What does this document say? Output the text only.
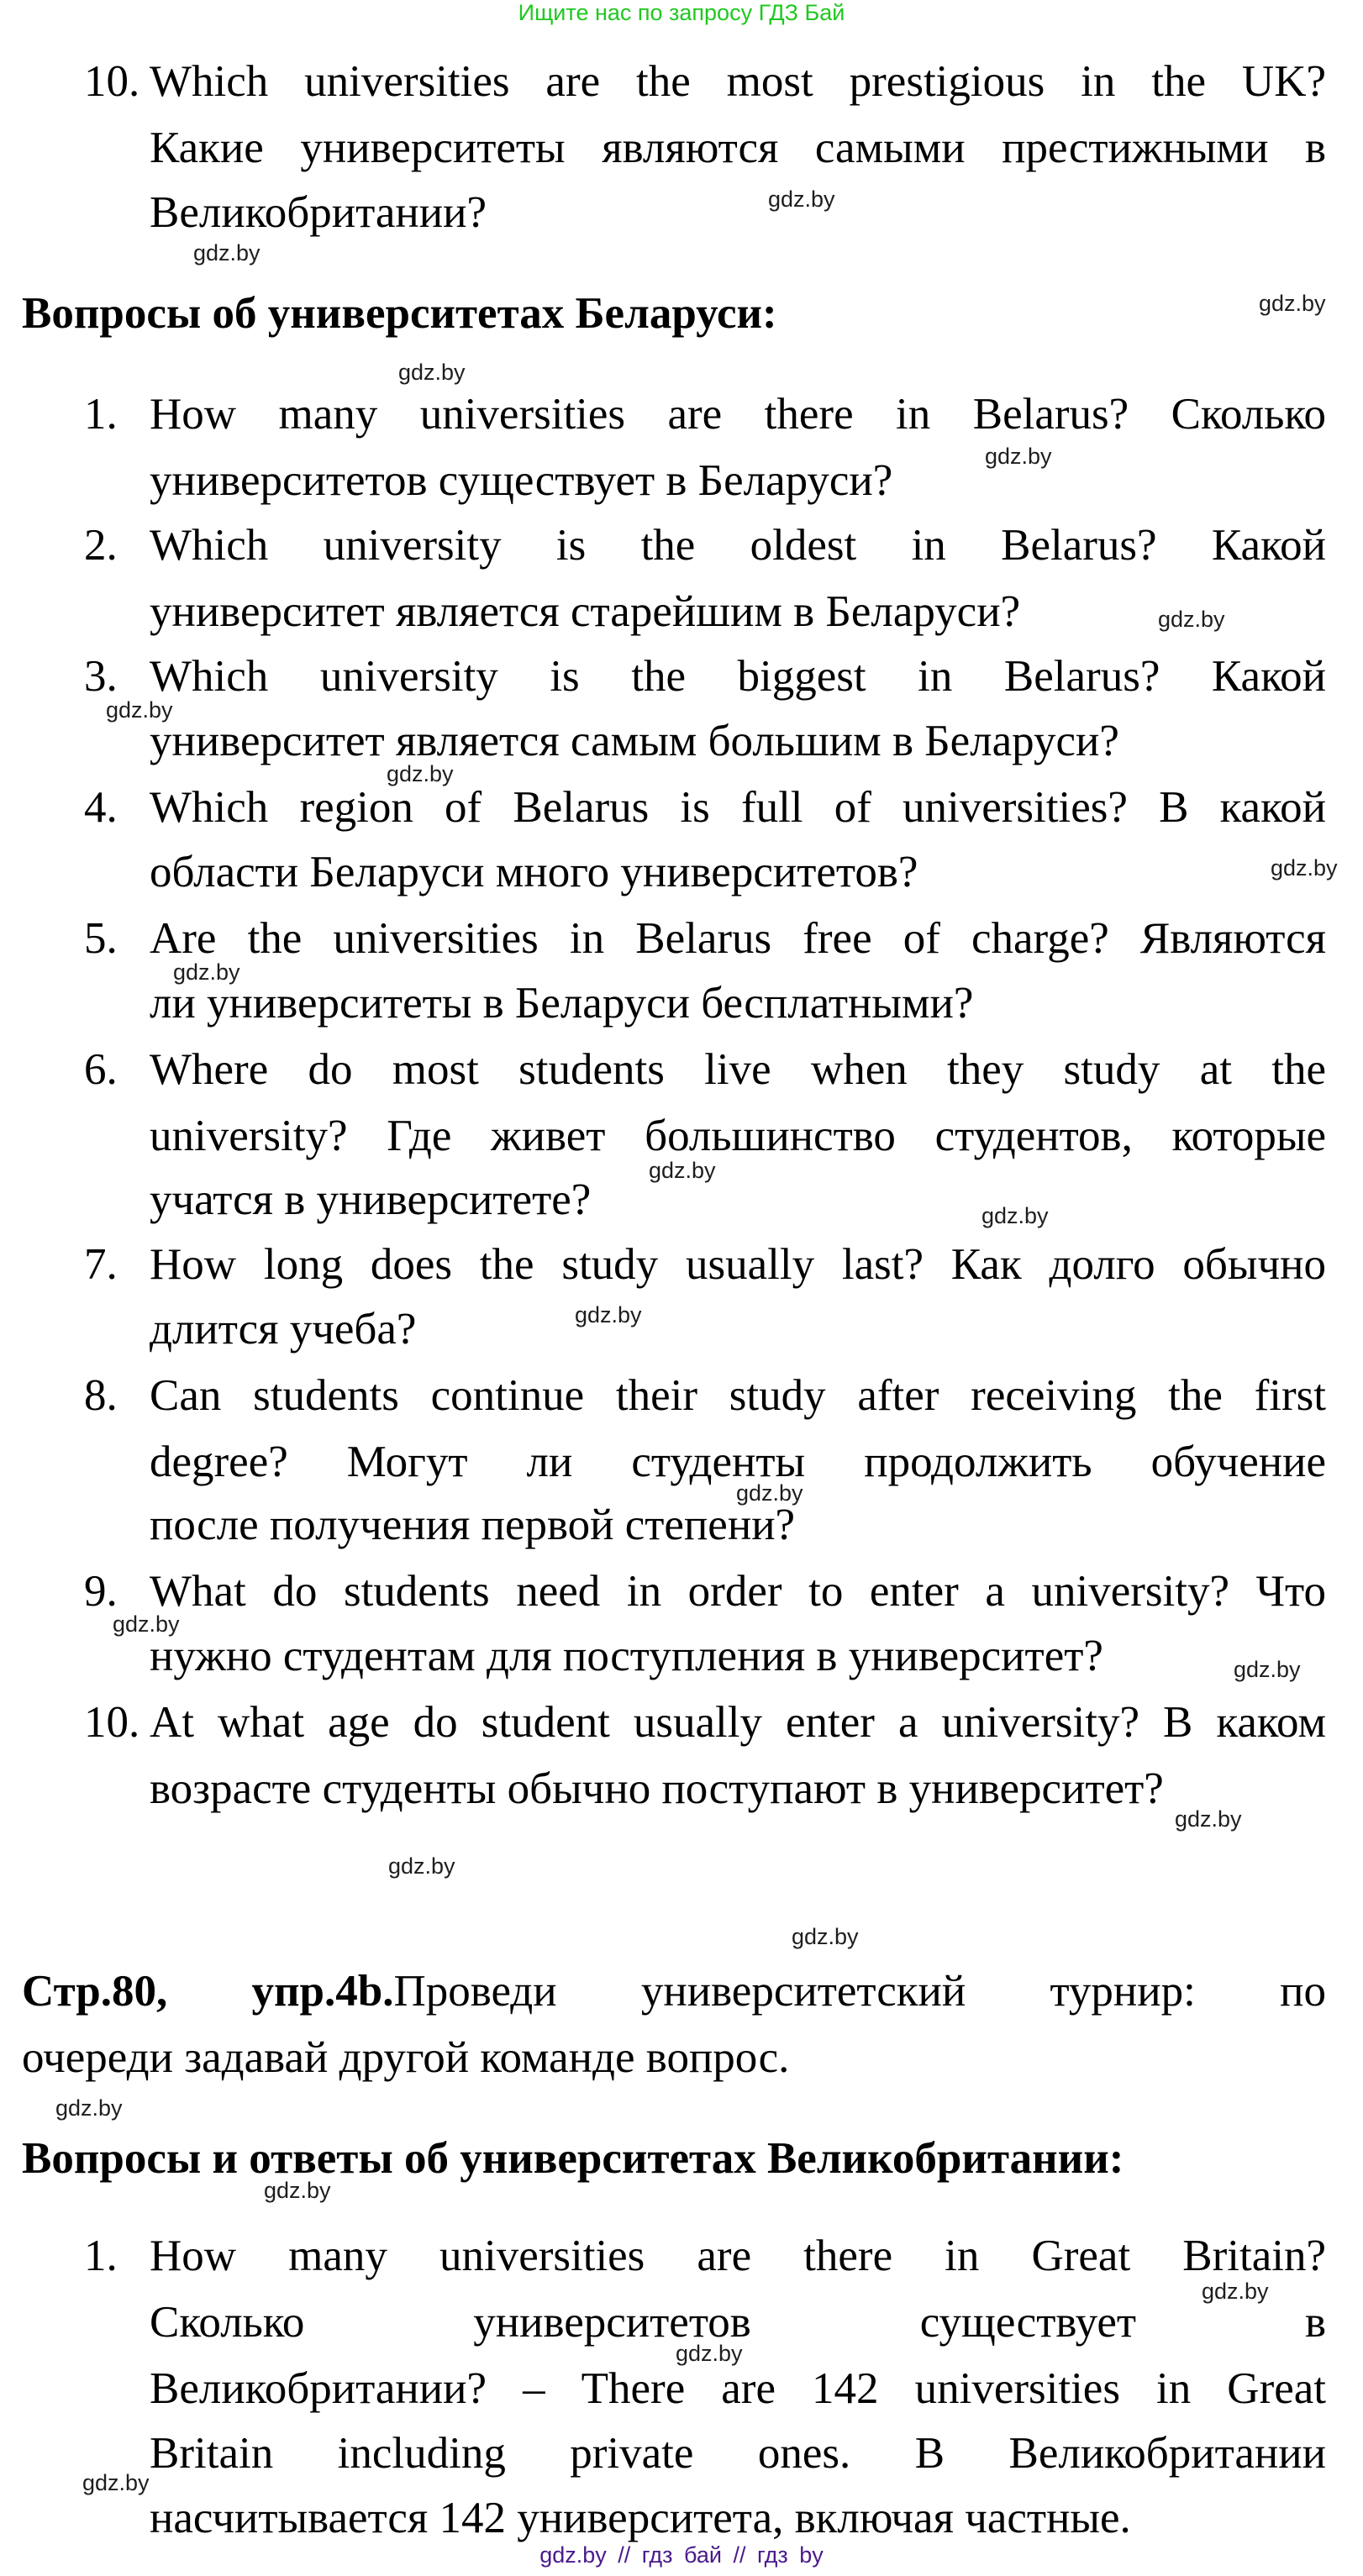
Ищите нас по запросу ГДЗ Бай
10. Which universities are the most prestigious in the UK?
Какие университеты являются самыми престижными в
Великобритании?
Вопросы об университетах Беларуси:
1. How many universities are there in Belarus? Сколько
университетов существует в Беларуси?
2. Which university is the oldest in Belarus? Какой
университет является старейшим в Беларуси?
3. Which university is the biggest in Belarus? Какой
университет является самым большим в Беларуси?
4. Which region of Belarus is full of universities? В какой
области Беларуси много университетов?
5. Are the universities in Belarus free of charge? Являются
ли университеты в Беларуси бесплатными?
6. Where do most students live when they study at the
university? Где живет большинство студентов, которые
учатся в университете?
7. How long does the study usually last? Как долго обычно
длится учеба?
8. Can students continue their study after receiving the first
degree? Могут ли студенты продолжить обучение
после получения первой степени?
9. What do students need in order to enter a university? Что
нужно студентам для поступления в университет?
10. At what age do student usually enter a university? В каком
возрасте студенты обычно поступают в университет?
Стр.80, упр.4b.Проведи университетский турнир: по
очереди задавай другой команде вопрос.
Вопросы и ответы об университетах Великобритании:
1. How many universities are there in Great Britain?
Сколько университетов существует в
Великобритании? – There are 142 universities in Great
Britain including private ones. В Великобритании
насчитывается 142 университета, включая частные.
gdz.by
gdz.by
gdz.by
gdz.by
gdz.by
gdz.by
gdz.by
gdz.by
gdz.by
gdz.by
gdz.by
gdz.by
gdz.by
gdz.by
gdz.by
gdz.by
gdz.by
gdz.by
gdz.by
gdz.by
gdz.by
gdz.by
gdz.by
gdz.by
gdz.by // гдз бай // гдз by
